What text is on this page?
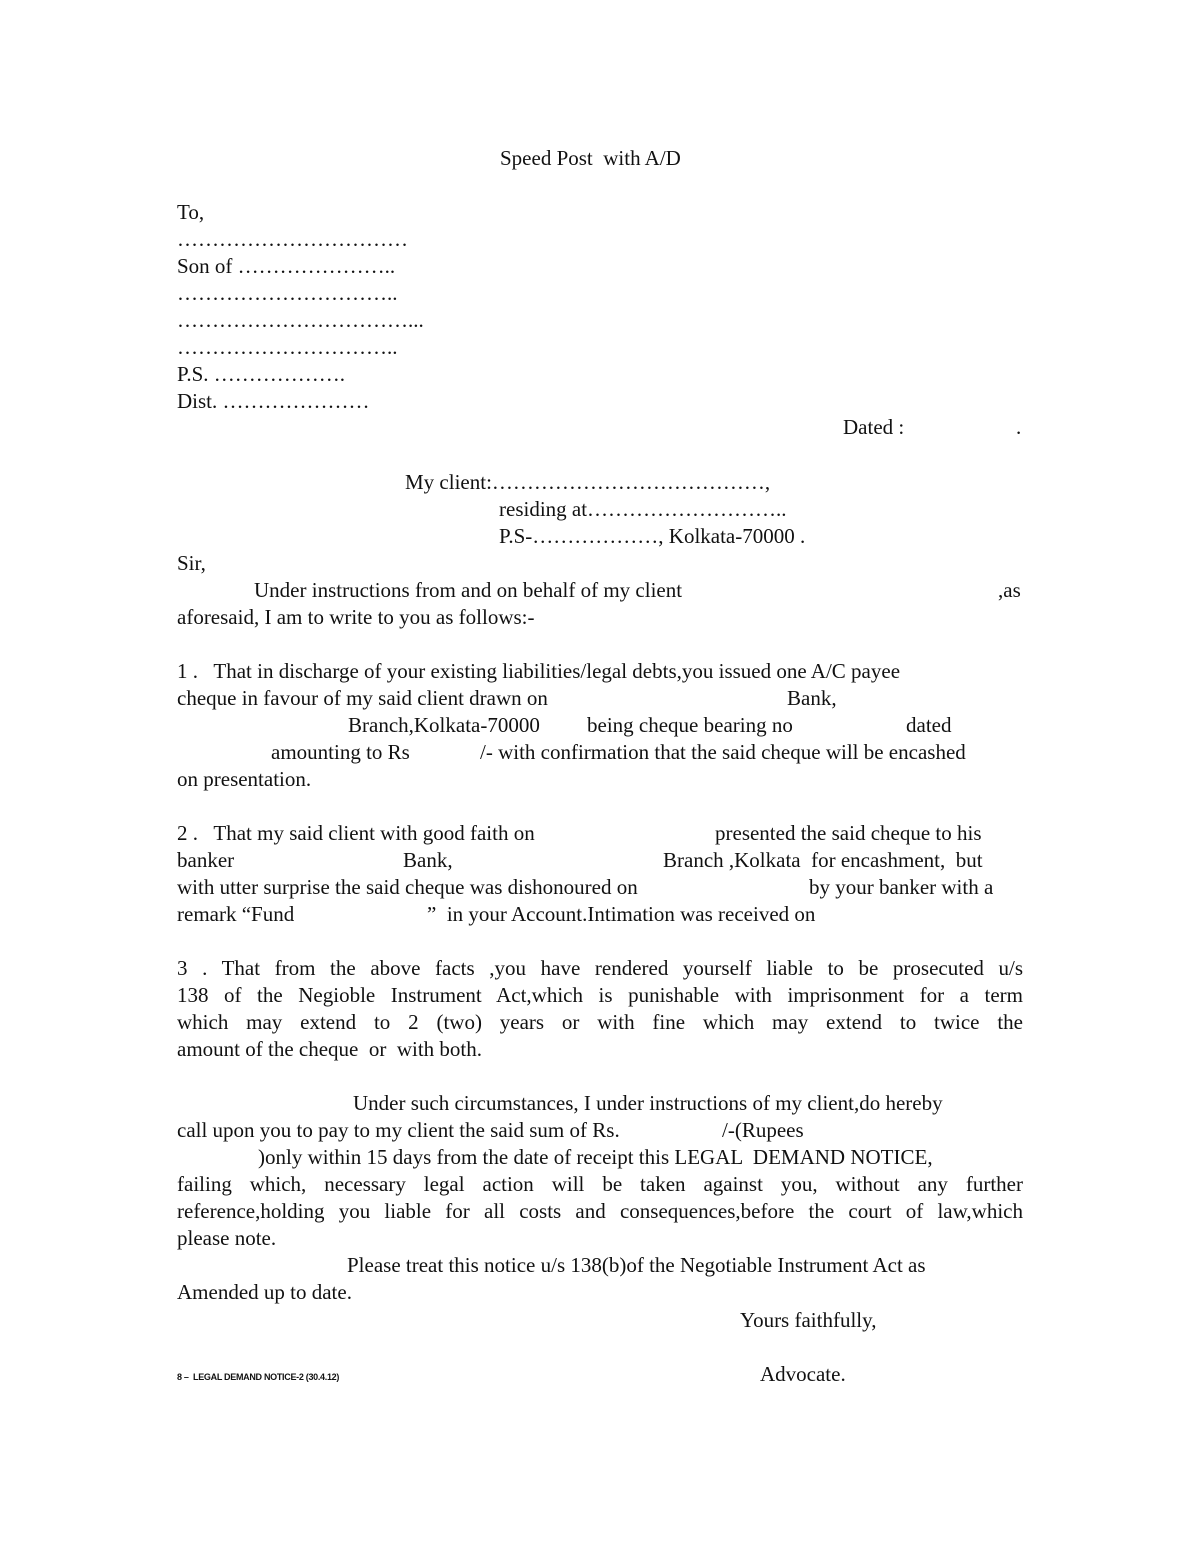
Speed Post  with A/D
To,
……………………………
Son of …………………..
…………………………..
……………………………...
…………………………..
P.S. ……………….
Dist. …………………
Dated :	.
My client:…………………………………,
residing at………………………..
P.S-………………, Kolkata-70000 .
Sir,
Under instructions from and on behalf of my client	,as
aforesaid, I am to write to you as follows:-
1 .   That in discharge of your existing liabilities/legal debts,you issued one A/C payee
cheque in favour of my said client drawn on	Bank,
Branch,Kolkata-70000 being cheque bearing no	dated
amounting to Rs	/- with confirmation that the said cheque will be encashed
on presentation.
2 .   That my said client with good faith on	presented the said cheque to his
banker	Bank,	Branch ,Kolkata  for encashment,  but
with utter surprise the said cheque was dishonoured on	by your banker with a
remark “Fund	”  in your Account.Intimation was received on
3 . That from the above facts ,you have rendered yourself liable to be prosecuted u/s
138 of the Negioble Instrument Act,which is punishable with imprisonment for a term
which may extend to 2 (two) years or with fine which may extend to twice the
amount of the cheque  or  with both.
Under such circumstances, I under instructions of my client,do hereby
call upon you to pay to my client the said sum of Rs.	/-(Rupees
)only within 15 days from the date of receipt this LEGAL  DEMAND NOTICE,
failing which, necessary legal action will be taken against you, without any further
reference,holding you liable for all costs and consequences,before the court of law,which
please note.
Please treat this notice u/s 138(b)of the Negotiable Instrument Act as
Amended up to date.
Yours faithfully,
Advocate.
8 –  LEGAL DEMAND NOTICE-2 (30.4.12)
